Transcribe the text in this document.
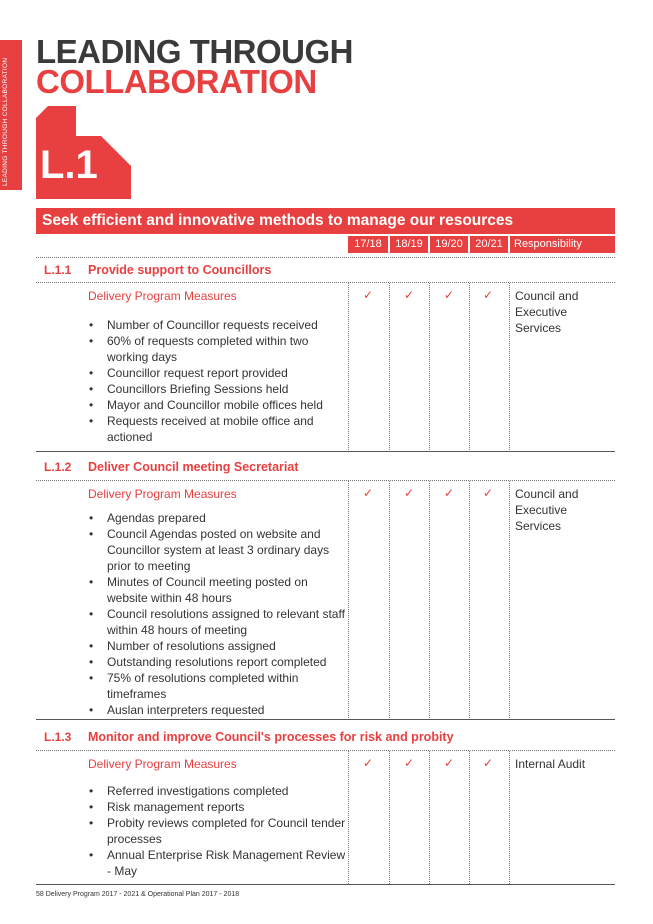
LEADING THROUGH COLLABORATION
LEADING THROUGH
COLLABORATION
L.1
Seek efficient and innovative methods to manage our resources
17/18	18/19	19/20	20/21	Responsibility
L.1.1 Provide support to Councillors
Delivery Program Measures	✓	✓	✓	✓	Council and Executive Services
• Number of Councillor requests received
• 60% of requests completed within two working days
• Councillor request report provided
• Councillors Briefing Sessions held
• Mayor and Councillor mobile offices held
• Requests received at mobile office and actioned
L.1.2 Deliver Council meeting Secretariat
Delivery Program Measures	✓	✓	✓	✓	Council and Executive Services
• Agendas prepared
• Council Agendas posted on website and Councillor system at least 3 ordinary days prior to meeting
• Minutes of Council meeting posted on website within 48 hours
• Council resolutions assigned to relevant staff within 48 hours of meeting
• Number of resolutions assigned
• Outstanding resolutions report completed
• 75% of resolutions completed within timeframes
• Auslan interpreters requested
L.1.3 Monitor and improve Council's processes for risk and probity
Delivery Program Measures	✓	✓	✓	✓	Internal Audit
• Referred investigations completed
• Risk management reports
• Probity reviews completed for Council tender processes
• Annual Enterprise Risk Management Review - May
58 Delivery Program 2017 - 2021 & Operational Plan 2017 - 2018
